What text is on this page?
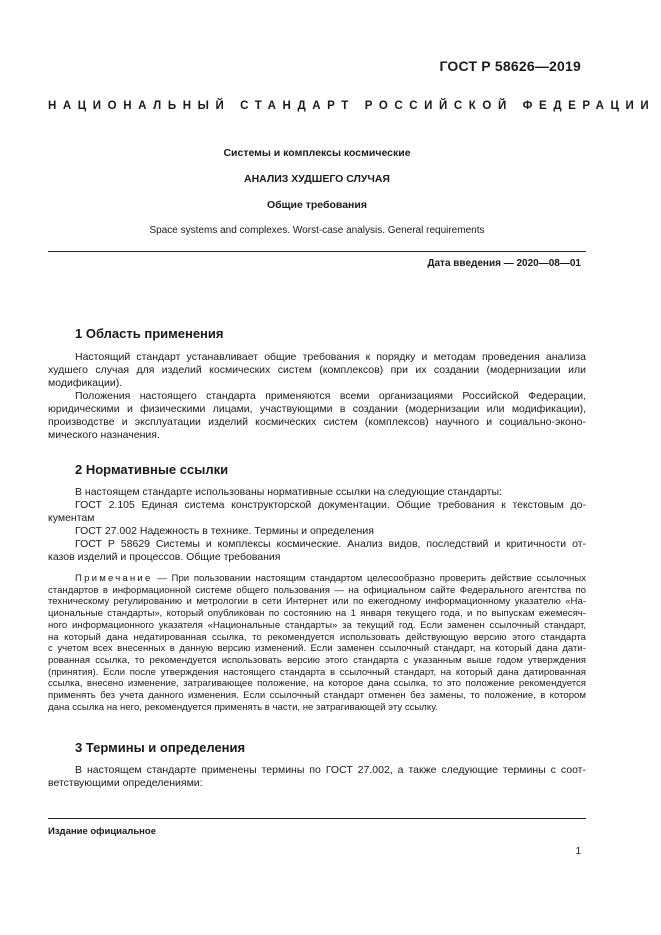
ГОСТ Р 58626—2019
НАЦИОНАЛЬНЫЙ СТАНДАРТ РОССИЙСКОЙ ФЕДЕРАЦИИ
Системы и комплексы космические
АНАЛИЗ ХУДШЕГО СЛУЧАЯ
Общие требования
Space systems and complexes. Worst-case analysis. General requirements
Дата введения — 2020—08—01
1 Область применения
Настоящий стандарт устанавливает общие требования к порядку и методам проведения анализа
худшего случая для изделий космических систем (комплексов) при их создании (модернизации или
модификации).
Положения настоящего стандарта применяются всеми организациями Российской Федерации,
юридическими и физическими лицами, участвующими в создании (модернизации или модификации),
производстве и эксплуатации изделий космических систем (комплексов) научного и социально-эконо-
мического назначения.
2 Нормативные ссылки
В настоящем стандарте использованы нормативные ссылки на следующие стандарты:
ГОСТ 2.105 Единая система конструкторской документации. Общие требования к текстовым до-
кументам
ГОСТ 27.002 Надежность в технике. Термины и определения
ГОСТ Р 58629 Системы и комплексы космические. Анализ видов, последствий и критичности от-
казов изделий и процессов. Общие требования
Примечание — При пользовании настоящим стандартом целесообразно проверить действие ссылочных
стандартов в информационной системе общего пользования — на официальном сайте Федерального агентства по
техническому регулированию и метрологии в сети Интернет или по ежегодному информационному указателю «На-
циональные стандарты», который опубликован по состоянию на 1 января текущего года, и по выпускам ежемесяч-
ного информационного указателя «Национальные стандарты» за текущий год. Если заменен ссылочный стандарт,
на который дана недатированная ссылка, то рекомендуется использовать действующую версию этого стандарта
с учетом всех внесенных в данную версию изменений. Если заменен ссылочный стандарт, на который дана дати-
рованная ссылка, то рекомендуется использовать версию этого стандарта с указанным выше годом утверждения
(принятия). Если после утверждения настоящего стандарта в ссылочный стандарт, на который дана датированная
ссылка, внесено изменение, затрагивающее положение, на которое дана ссылка, то это положение рекомендуется
применять без учета данного изменения. Если ссылочный стандарт отменен без замены, то положение, в котором
дана ссылка на него, рекомендуется применять в части, не затрагивающей эту ссылку.
3 Термины и определения
В настоящем стандарте применены термины по ГОСТ 27.002, а также следующие термины с соот-
ветствующими определениями:
Издание официальное
1
